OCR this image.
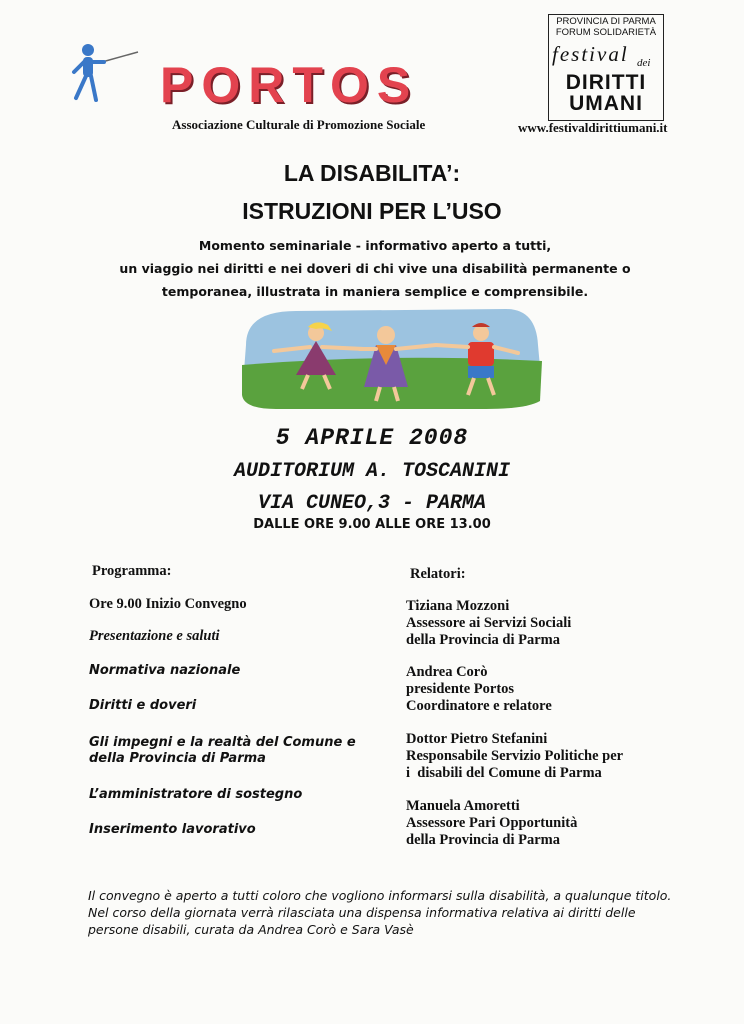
PORTOS
Associazione Culturale di Promozione Sociale
PROVINCIA DI PARMA
FORUM SOLIDARIETÀ
festival dei
DIRITTI
UMANI
www.festivaldirittiumani.it
LA DISABILITA’:
ISTRUZIONI PER L’USO
Momento seminariale - informativo aperto a tutti,
un viaggio nei diritti e nei doveri di chi vive una disabilità permanente o
temporanea, illustrata in maniera semplice e comprensibile.
5 APRILE 2008
AUDITORIUM A. TOSCANINI
VIA CUNEO,3 - PARMA
DALLE ORE 9.00 ALLE ORE 13.00
Programma:
Ore 9.00 Inizio Convegno
Presentazione e saluti
Normativa nazionale
Diritti e doveri
Gli impegni e la realtà del Comune e
della Provincia di Parma
L’amministratore di sostegno
Inserimento lavorativo
Relatori:
Tiziana Mozzoni
Assessore ai Servizi Sociali
della Provincia di Parma
Andrea Corò
presidente Portos
Coordinatore e relatore
Dottor Pietro Stefanini
Responsabile Servizio Politiche per
i  disabili del Comune di Parma
Manuela Amoretti
Assessore Pari Opportunità
della Provincia di Parma
Il convegno è aperto a tutti coloro che vogliono informarsi sulla disabilità, a qualunque titolo.
Nel corso della giornata verrà rilasciata una dispensa informativa relativa ai diritti delle
persone disabili, curata da Andrea Corò e Sara Vasè
